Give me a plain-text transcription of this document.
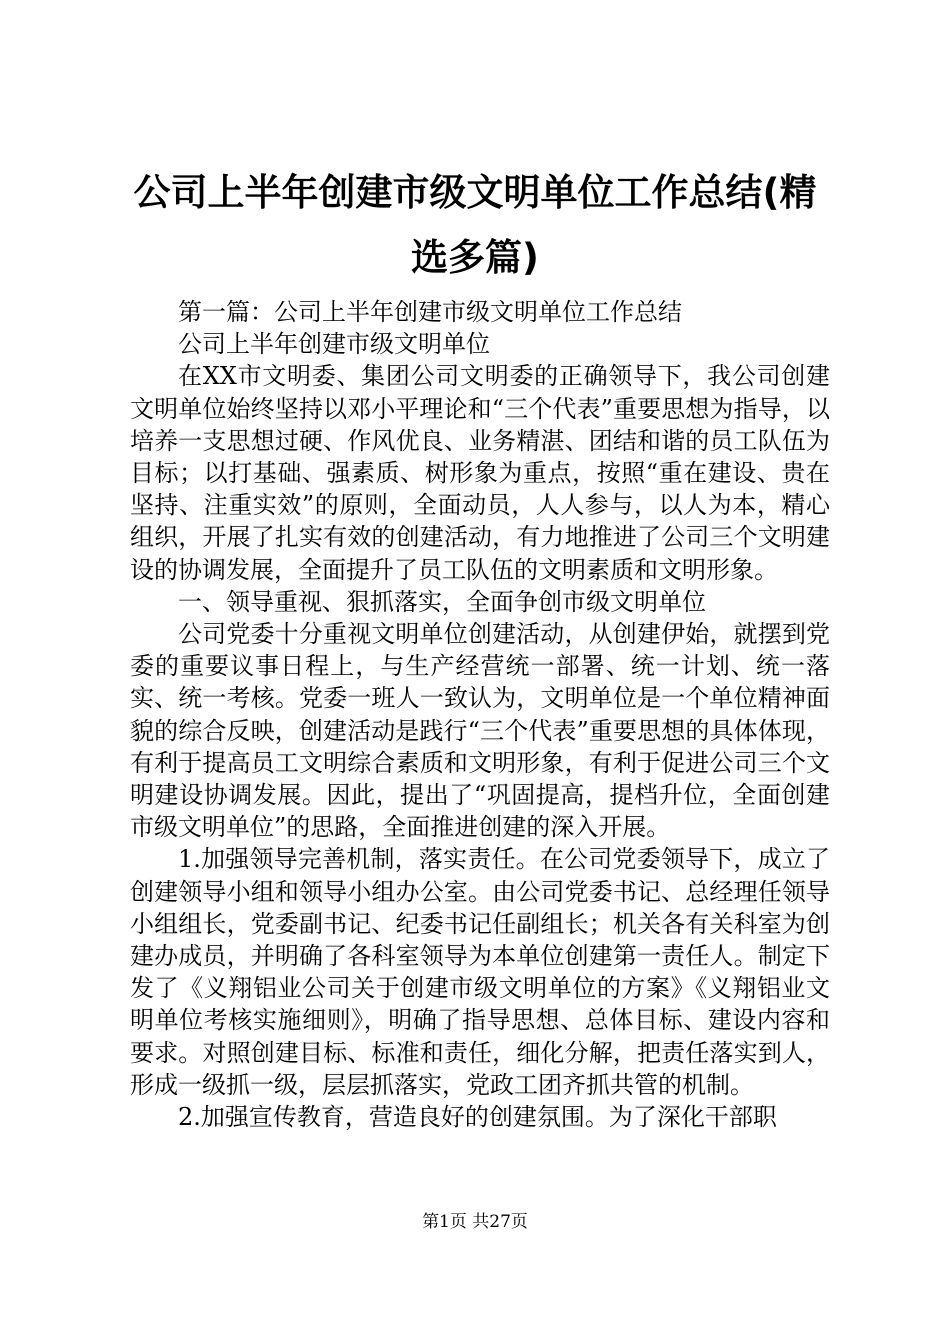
公司上半年创建市级文明单位工作总结(精选多篇)

第一篇：公司上半年创建市级文明单位工作总结

公司上半年创建市级文明单位

在XX市文明委、集团公司文明委的正确领导下，我公司创建文明单位始终坚持以邓小平理论和“三个代表”重要思想为指导，以培养一支思想过硬、作风优良、业务精湛、团结和谐的员工队伍为目标；以打基础、强素质、树形象为重点，按照“重在建设、贵在坚持、注重实效”的原则，全面动员，人人参与，以人为本，精心组织，开展了扎实有效的创建活动，有力地推进了公司三个文明建设的协调发展，全面提升了员工队伍的文明素质和文明形象。

一、领导重视、狠抓落实，全面争创市级文明单位

公司党委十分重视文明单位创建活动，从创建伊始，就摆到党委的重要议事日程上，与生产经营统一部署、统一计划、统一落实、统一考核。党委一班人一致认为，文明单位是一个单位精神面貌的综合反映，创建活动是践行“三个代表”重要思想的具体体现，有利于提高员工文明综合素质和文明形象，有利于促进公司三个文明建设协调发展。因此，提出了“巩固提高，提档升位，全面创建市级文明单位”的思路，全面推进创建的深入开展。

1.加强领导完善机制，落实责任。在公司党委领导下，成立了创建领导小组和领导小组办公室。由公司党委书记、总经理任领导小组组长，党委副书记、纪委书记任副组长；机关各有关科室为创建办成员，并明确了各科室领导为本单位创建第一责任人。制定下发了《义翔铝业公司关于创建市级文明单位的方案》《义翔铝业文明单位考核实施细则》，明确了指导思想、总体目标、建设内容和要求。对照创建目标、标准和责任，细化分解，把责任落实到人，形成一级抓一级，层层抓落实，党政工团齐抓共管的机制。

2.加强宣传教育，营造良好的创建氛围。为了深化干部职

第1页 共27页
